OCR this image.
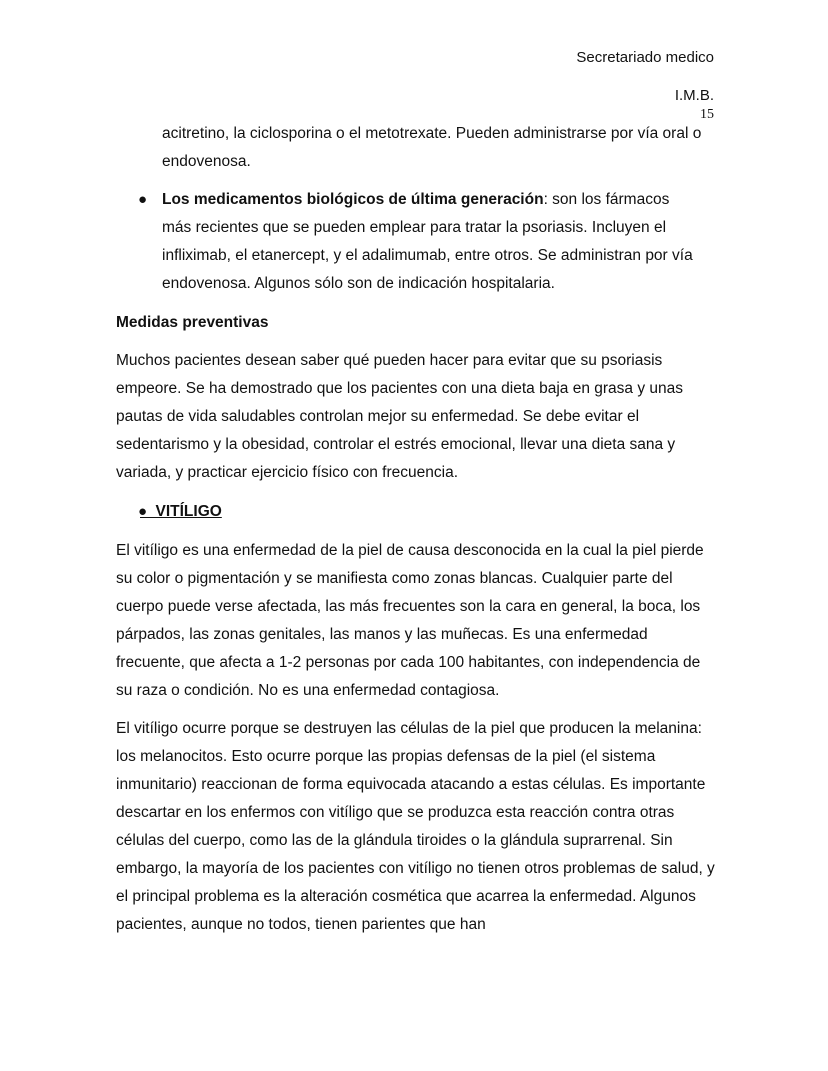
Secretariado medico
I.M.B.
15

acitretino, la ciclosporina o el metotrexate. Pueden administrarse por vía oral o endovenosa.

● Los medicamentos biológicos de última generación: son los fármacos más recientes que se pueden emplear para tratar la psoriasis. Incluyen el infliximab, el etanercept, y el adalimumab, entre otros. Se administran por vía endovenosa. Algunos sólo son de indicación hospitalaria.

Medidas preventivas

Muchos pacientes desean saber qué pueden hacer para evitar que su psoriasis empeore. Se ha demostrado que los pacientes con una dieta baja en grasa y unas pautas de vida saludables controlan mejor su enfermedad. Se debe evitar el sedentarismo y la obesidad, controlar el estrés emocional, llevar una dieta sana y variada, y practicar ejercicio físico con frecuencia.

●
   VITÍLIGO

El vitíligo es una enfermedad de la piel de causa desconocida en la cual la piel pierde su color o pigmentación y se manifiesta como zonas blancas. Cualquier parte del cuerpo puede verse afectada, las más frecuentes son la cara en general, la boca, los párpados, las zonas genitales, las manos y las muñecas. Es una enfermedad frecuente, que afecta a 1-2 personas por cada 100 habitantes, con independencia de su raza o condición. No es una enfermedad contagiosa.

El vitíligo ocurre porque se destruyen las células de la piel que producen la melanina: los melanocitos. Esto ocurre porque las propias defensas de la piel (el sistema inmunitario) reaccionan de forma equivocada atacando a estas células. Es importante descartar en los enfermos con vitíligo que se produzca esta reacción contra otras células del cuerpo, como las de la glándula tiroides o la glándula suprarrenal. Sin embargo, la mayoría de los pacientes con vitíligo no tienen otros problemas de salud, y el principal problema es la alteración cosmética que acarrea la enfermedad. Algunos pacientes, aunque no todos, tienen parientes que han
